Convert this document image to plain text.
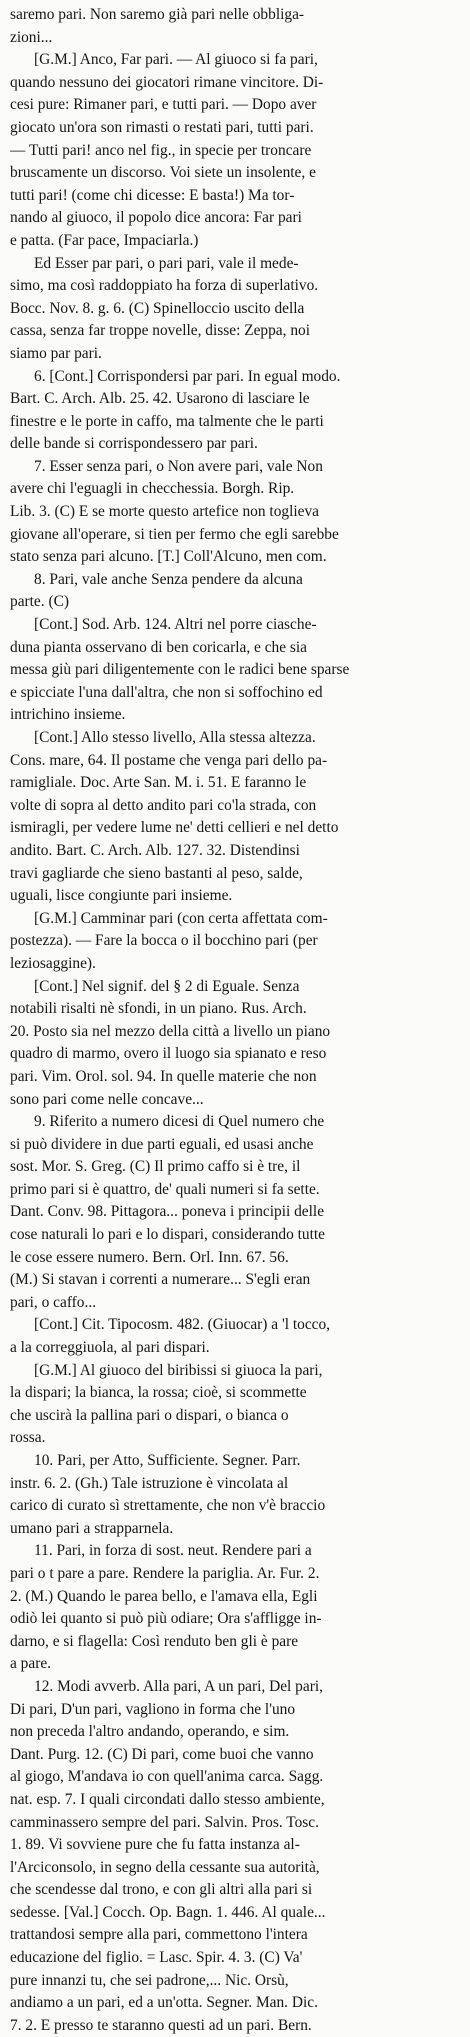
saremo pari. Non saremo già pari nelle obbliga-
zioni...
[G.M.] Anco, Far pari. — Al giuoco si fa pari,
quando nessuno dei giocatori rimane vincitore. Di-
cesi pure: Rimaner pari, e tutti pari. — Dopo aver
giocato un'ora son rimasti o restati pari, tutti pari.
— Tutti pari! anco nel fig., in specie per troncare
bruscamente un discorso. Voi siete un insolente, e
tutti pari! (come chi dicesse: E basta!) Ma tor-
nando al giuoco, il popolo dice ancora: Far pari
e patta. (Far pace, Impaciarla.)
Ed Esser par pari, o pari pari, vale il mede-
simo, ma così raddoppiato ha forza di superlativo.
Bocc. Nov. 8. g. 6. (C) Spinelloccio uscito della
cassa, senza far troppe novelle, disse: Zeppa, noi
siamo par pari.
6. [Cont.] Corrispondersi par pari. In egual modo.
Bart. C. Arch. Alb. 25. 42. Usarono di lasciare le
finestre e le porte in caffo, ma talmente che le parti
delle bande si corrispondessero par pari.
7. Esser senza pari, o Non avere pari, vale Non
avere chi l'eguagli in checchessia. Borgh. Rip.
Lib. 3. (C) E se morte questo artefice non toglieva
giovane all'operare, si tien per fermo che egli sarebbe
stato senza pari alcuno. [T.] Coll'Alcuno, men com.
8. Pari, vale anche Senza pendere da alcuna
parte. (C)
[Cont.] Sod. Arb. 124. Altri nel porre ciasche-
duna pianta osservano di ben coricarla, e che sia
messa giù pari diligentemente con le radici bene sparse
e spicciate l'una dall'altra, che non si soffochino ed
intrichino insieme.
[Cont.] Allo stesso livello, Alla stessa altezza.
Cons. mare, 64. Il postame che venga pari dello pa-
ramigliale. Doc. Arte San. M. i. 51. E faranno le
volte di sopra al detto andito pari co'la strada, con
ismiragli, per vedere lume ne' detti cellieri e nel detto
andito. Bart. C. Arch. Alb. 127. 32. Distendinsi
travi gagliarde che sieno bastanti al peso, salde,
uguali, lisce congiunte pari insieme.
[G.M.] Camminar pari (con certa affettata com-
postezza). — Fare la bocca o il bocchino pari (per
leziosaggine).
[Cont.] Nel signif. del § 2 di Eguale. Senza
notabili risalti nè sfondi, in un piano. Rus. Arch.
20. Posto sia nel mezzo della città a livello un piano
quadro di marmo, overo il luogo sia spianato e reso
pari. Vim. Orol. sol. 94. In quelle materie che non
sono pari come nelle concave...
9. Riferito a numero dicesi di Quel numero che
si può dividere in due parti eguali, ed usasi anche
sost. Mor. S. Greg. (C) Il primo caffo si è tre, il
primo pari si è quattro, de' quali numeri si fa sette.
Dant. Conv. 98. Pittagora... poneva i principii delle
cose naturali lo pari e lo dispari, considerando tutte
le cose essere numero. Bern. Orl. Inn. 67. 56.
(M.) Si stavan i correnti a numerare... S'egli eran
pari, o caffo...
[Cont.] Cit. Tipocosm. 482. (Giuocar) a 'l tocco,
a la correggiuola, al pari dispari.
[G.M.] Al giuoco del biribissi si giuoca la pari,
la dispari; la bianca, la rossa; cioè, si scommette
che uscirà la pallina pari o dispari, o bianca o
rossa.
10. Pari, per Atto, Sufficiente. Segner. Parr.
instr. 6. 2. (Gh.) Tale istruzione è vincolata al
carico di curato sì strettamente, che non v'è braccio
umano pari a strapparnela.
11. Pari, in forza di sost. neut. Rendere pari a
pari o t pare a pare. Rendere la pariglia. Ar. Fur. 2.
2. (M.) Quando le parea bello, e l'amava ella, Egli
odiò lei quanto si può più odiare; Ora s'affligge in-
darno, e si flagella: Così renduto ben gli è pare
a pare.
12. Modi avverb. Alla pari, A un pari, Del pari,
Di pari, D'un pari, vagliono in forma che l'uno
non preceda l'altro andando, operando, e sim.
Dant. Purg. 12. (C) Di pari, come buoi che vanno
al giogo, M'andava io con quell'anima carca. Sagg.
nat. esp. 7. I quali circondati dallo stesso ambiente,
camminassero sempre del pari. Salvin. Pros. Tosc.
1. 89. Vi sovviene pure che fu fatta instanza al-
l'Arciconsolo, in segno della cessante sua autorità,
che scendesse dal trono, e con gli altri alla pari si
sedesse. [Val.] Cocch. Op. Bagn. 1. 446. Al quale...
trattandosi sempre alla pari, commettono l'intera
educazione del figlio. = Lasc. Spir. 4. 3. (C) Va'
pure innanzi tu, che sei padrone,... Nic. Orsù,
andiamo a un pari, ed a un'otta. Segner. Man. Dic.
7. 2. E presso te staranno questi ad un pari. Bern.
